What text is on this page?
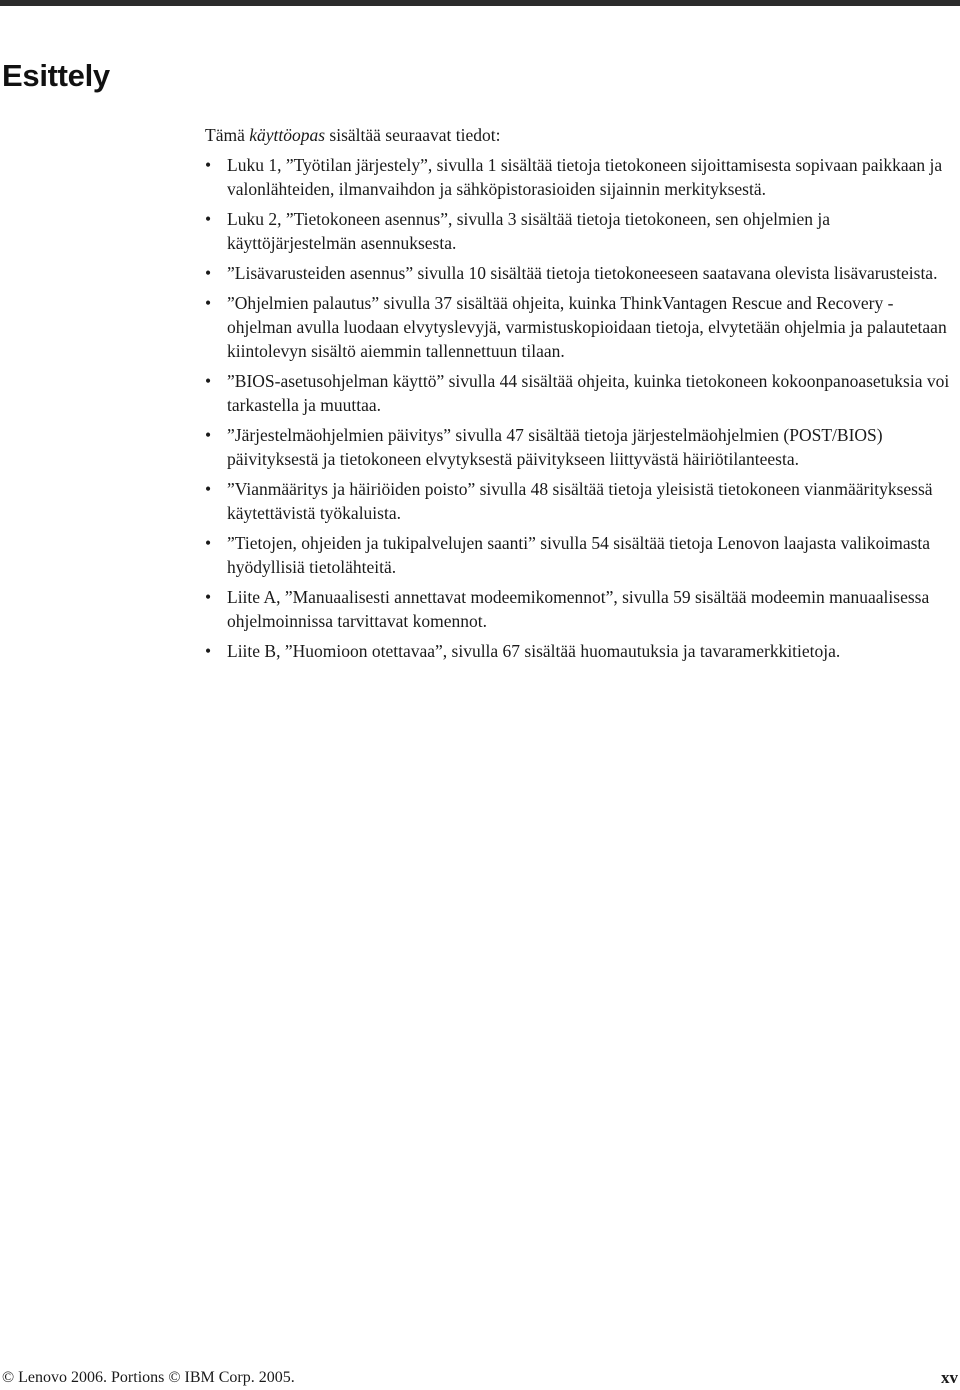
Esittely

Tämä käyttöopas sisältää seuraavat tiedot:

• Luku 1, ”Työtilan järjestely”, sivulla 1 sisältää tietoja tietokoneen sijoittamisesta sopivaan paikkaan ja valonlähteiden, ilmanvaihdon ja sähköpistorasioiden sijainnin merkityksestä.
• Luku 2, ”Tietokoneen asennus”, sivulla 3 sisältää tietoja tietokoneen, sen ohjelmien ja käyttöjärjestelmän asennuksesta.
• ”Lisävarusteiden asennus” sivulla 10 sisältää tietoja tietokoneeseen saatavana olevista lisävarusteista.
• ”Ohjelmien palautus” sivulla 37 sisältää ohjeita, kuinka ThinkVantagen Rescue and Recovery -ohjelman avulla luodaan elvytyslevyjä, varmistuskopioidaan tietoja, elvytetään ohjelmia ja palautetaan kiintolevyn sisältö aiemmin tallennettuun tilaan.
• ”BIOS-asetusohjelman käyttö” sivulla 44 sisältää ohjeita, kuinka tietokoneen kokoonpanoasetuksia voi tarkastella ja muuttaa.
• ”Järjestelmäohjelmien päivitys” sivulla 47 sisältää tietoja järjestelmäohjelmien (POST/BIOS) päivityksestä ja tietokoneen elvytyksestä päivitykseen liittyvästä häiriötilanteesta.
• ”Vianmääritys ja häiriöiden poisto” sivulla 48 sisältää tietoja yleisistä tietokoneen vianmäärityksessä käytettävistä työkaluista.
• ”Tietojen, ohjeiden ja tukipalvelujen saanti” sivulla 54 sisältää tietoja Lenovon laajasta valikoimasta hyödyllisiä tietolähteitä.
• Liite A, ”Manuaalisesti annettavat modeemikomennot”, sivulla 59 sisältää modeemin manuaalisessa ohjelmoinnissa tarvittavat komennot.
• Liite B, ”Huomioon otettavaa”, sivulla 67 sisältää huomautuksia ja tavaramerkkitietoja.
© Lenovo 2006. Portions © IBM Corp. 2005.	xv
